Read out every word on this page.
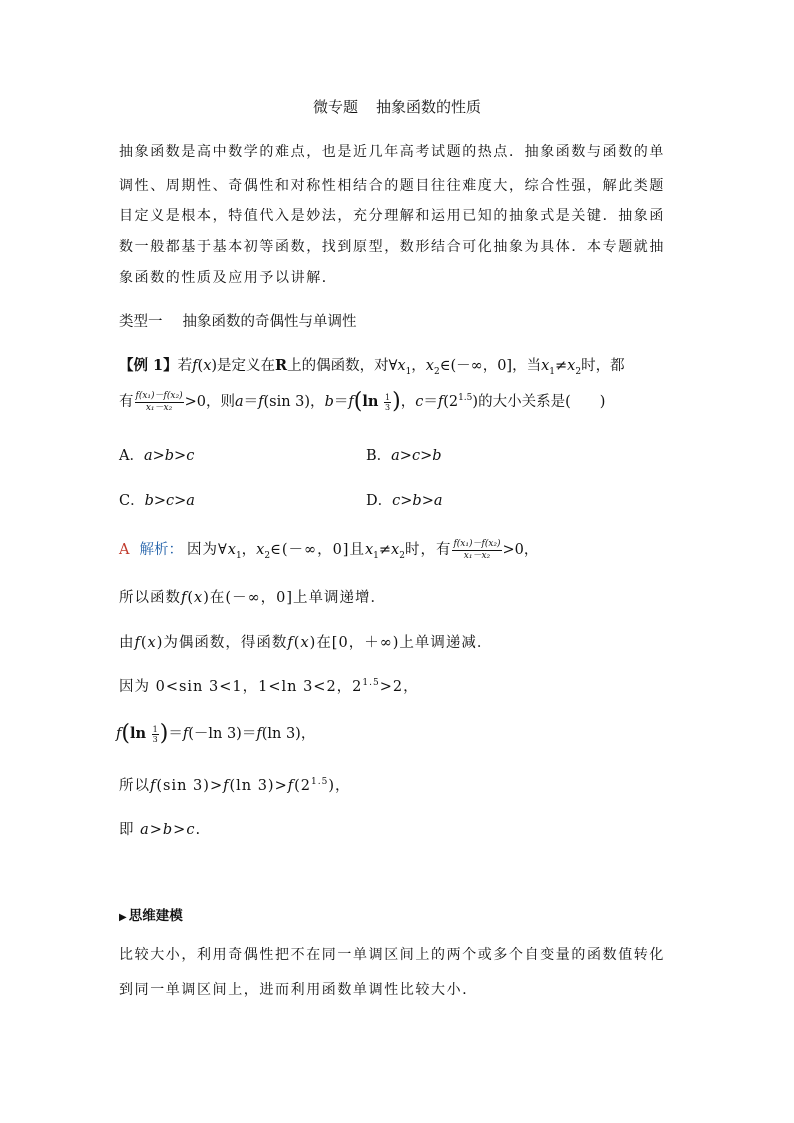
微专题 抽象函数的性质
抽象函数是高中数学的难点，也是近几年高考试题的热点．抽象函数与函数的单
调性、周期性、奇偶性和对称性相结合的题目往往难度大，综合性强，解此类题
目定义是根本，特值代入是妙法，充分理解和运用已知的抽象式是关键．抽象函
数一般都基于基本初等函数，找到原型，数形结合可化抽象为具体．本专题就抽
象函数的性质及应用予以讲解．
类型一 抽象函数的奇偶性与单调性
【例 1】若f(x)是定义在R上的偶函数，对$\forall x_1$，$x_2\in(-\infty$，0]，当$x_1\ne x_2$时，都
有 $\frac{\text{f(x₁)－f(x₂)}}{\text{x₁－x₂}} >0$，则a＝f(sin 3)，$b=f(\ln \frac{1}{3}$ )，$c=f(2^{1.5})$的大小关系是(　　)
A．a>b>c	B．a>c>b
C．b>c>a	D．c>b>a
A 解析： 因为$\forall x_1$，$x_2\in(-\infty$，0]且$x_1\ne x_2$时，有 $\frac{\text{f(x₁)－f(x₂)}}{\text{x₁－x₂}} >0$，
所以函数f(x)在(－∞，0]上单调递增．
由f(x)为偶函数，得函数f(x)在[0，＋∞)上单调递减．
因为 0<sin 3<1，1<ln 3<2，$2^{1.5}>2$，
$f(\ln \frac{1}{3} )=f(-\ln$ 3)＝f(ln 3)，
所以f(sin 3)>f(ln $3)>f(2^{1.5})$，
即 a>b>c.
▶ 思维建模
比较大小，利用奇偶性把不在同一单调区间上的两个或多个自变量的函数值转化
到同一单调区间上，进而利用函数单调性比较大小．
